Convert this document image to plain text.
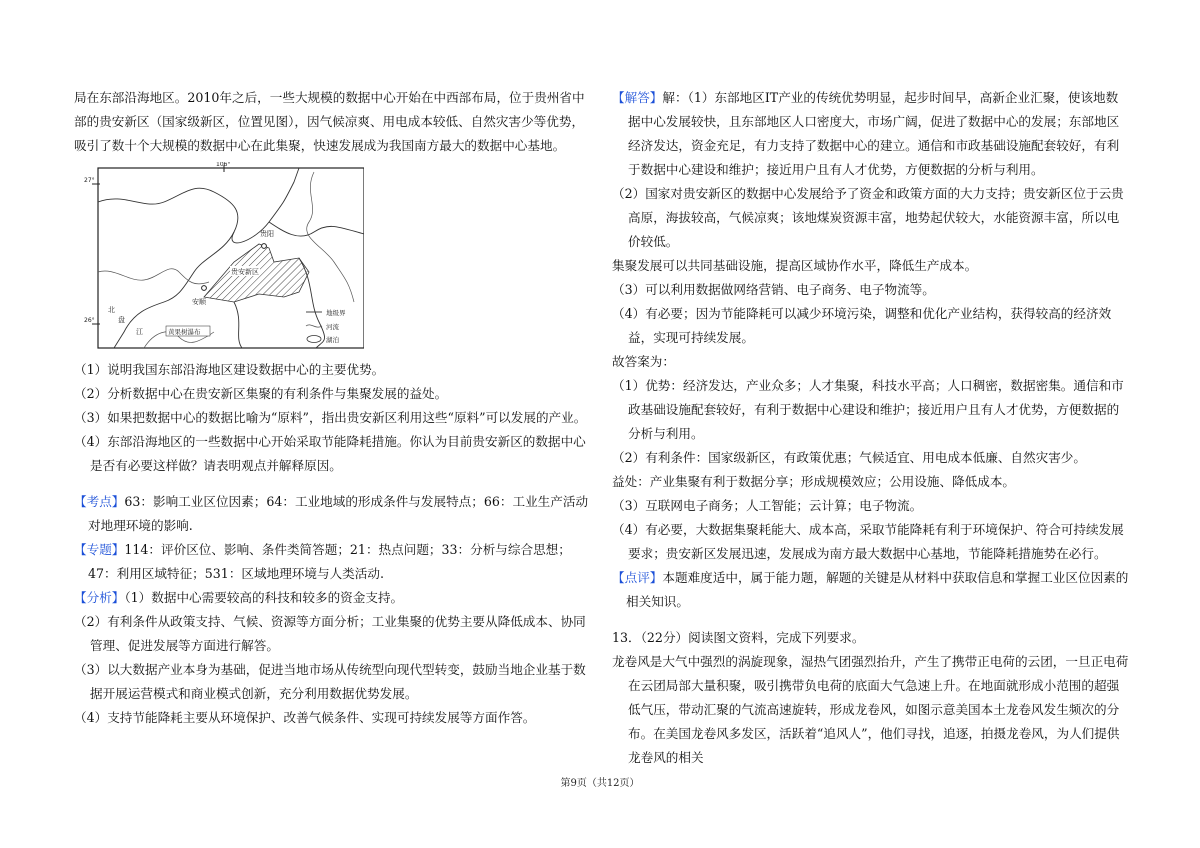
局在东部沿海地区。2010年之后，一些大规模的数据中心开始在中西部布局，位于贵州省中部的贵安新区（国家级新区，位置见图），因气候凉爽、用电成本较低、自然灾害少等优势，吸引了数十个大规模的数据中心在此集聚，快速发展成为我国南方最大的数据中心基地。

106°
27°
26°
贵阳
安顺
贵安新区
北
盘
江	黄果树瀑布
地级界
河流
湖泊

（1）说明我国东部沿海地区建设数据中心的主要优势。

（2）分析数据中心在贵安新区集聚的有利条件与集聚发展的益处。

（3）如果把数据中心的数据比喻为“原料”，指出贵安新区利用这些“原料”可以发展的产业。

（4）东部沿海地区的一些数据中心开始采取节能降耗措施。你认为目前贵安新区的数据中心是否有必要这样做？请表明观点并解释原因。

【考点】63：影响工业区位因素；64：工业地域的形成条件与发展特点；66：工业生产活动对地理环境的影响.

【专题】114：评价区位、影响、条件类简答题；21：热点问题；33：分析与综合思想；47：利用区域特征；531：区域地理环境与人类活动.

【分析】（1）数据中心需要较高的科技和较多的资金支持。

（2）有利条件从政策支持、气候、资源等方面分析；工业集聚的优势主要从降低成本、协同管理、促进发展等方面进行解答。

（3）以大数据产业本身为基础，促进当地市场从传统型向现代型转变，鼓励当地企业基于数据开展运营模式和商业模式创新，充分利用数据优势发展。

（4）支持节能降耗主要从环境保护、改善气候条件、实现可持续发展等方面作答。

【解答】解：（1）东部地区IT产业的传统优势明显，起步时间早，高新企业汇聚，使该地数据中心发展较快，且东部地区人口密度大，市场广阔，促进了数据中心的发展；东部地区经济发达，资金充足，有力支持了数据中心的建立。通信和市政基础设施配套较好，有利于数据中心建设和维护；接近用户且有人才优势，方便数据的分析与利用。

（2）国家对贵安新区的数据中心发展给予了资金和政策方面的大力支持；贵安新区位于云贵高原，海拔较高，气候凉爽；该地煤炭资源丰富，地势起伏较大，水能资源丰富，所以电价较低。

集聚发展可以共同基础设施，提高区域协作水平，降低生产成本。

（3）可以利用数据做网络营销、电子商务、电子物流等。

（4）有必要；因为节能降耗可以减少环境污染，调整和优化产业结构，获得较高的经济效益，实现可持续发展。

故答案为：

（1）优势：经济发达，产业众多；人才集聚，科技水平高；人口稠密，数据密集。通信和市政基础设施配套较好，有利于数据中心建设和维护；接近用户且有人才优势，方便数据的分析与利用。

（2）有利条件：国家级新区，有政策优惠；气候适宜、用电成本低廉、自然灾害少。

益处：产业集聚有利于数据分享；形成规模效应；公用设施、降低成本。

（3）互联网电子商务；人工智能；云计算；电子物流。

（4）有必要，大数据集聚耗能大、成本高，采取节能降耗有利于环境保护、符合可持续发展要求；贵安新区发展迅速，发展成为南方最大数据中心基地，节能降耗措施势在必行。

【点评】本题难度适中，属于能力题，解题的关键是从材料中获取信息和掌握工业区位因素的相关知识。

13．（22分）阅读图文资料，完成下列要求。

龙卷风是大气中强烈的涡旋现象，湿热气团强烈抬升，产生了携带正电荷的云团，一旦正电荷在云团局部大量积聚，吸引携带负电荷的底面大气急速上升。在地面就形成小范围的超强低气压，带动汇聚的气流高速旋转，形成龙卷风，如图示意美国本土龙卷风发生频次的分布。在美国龙卷风多发区，活跃着“追风人”，他们寻找，追逐，拍摄龙卷风，为人们提供龙卷风的相关

第9页（共12页）
